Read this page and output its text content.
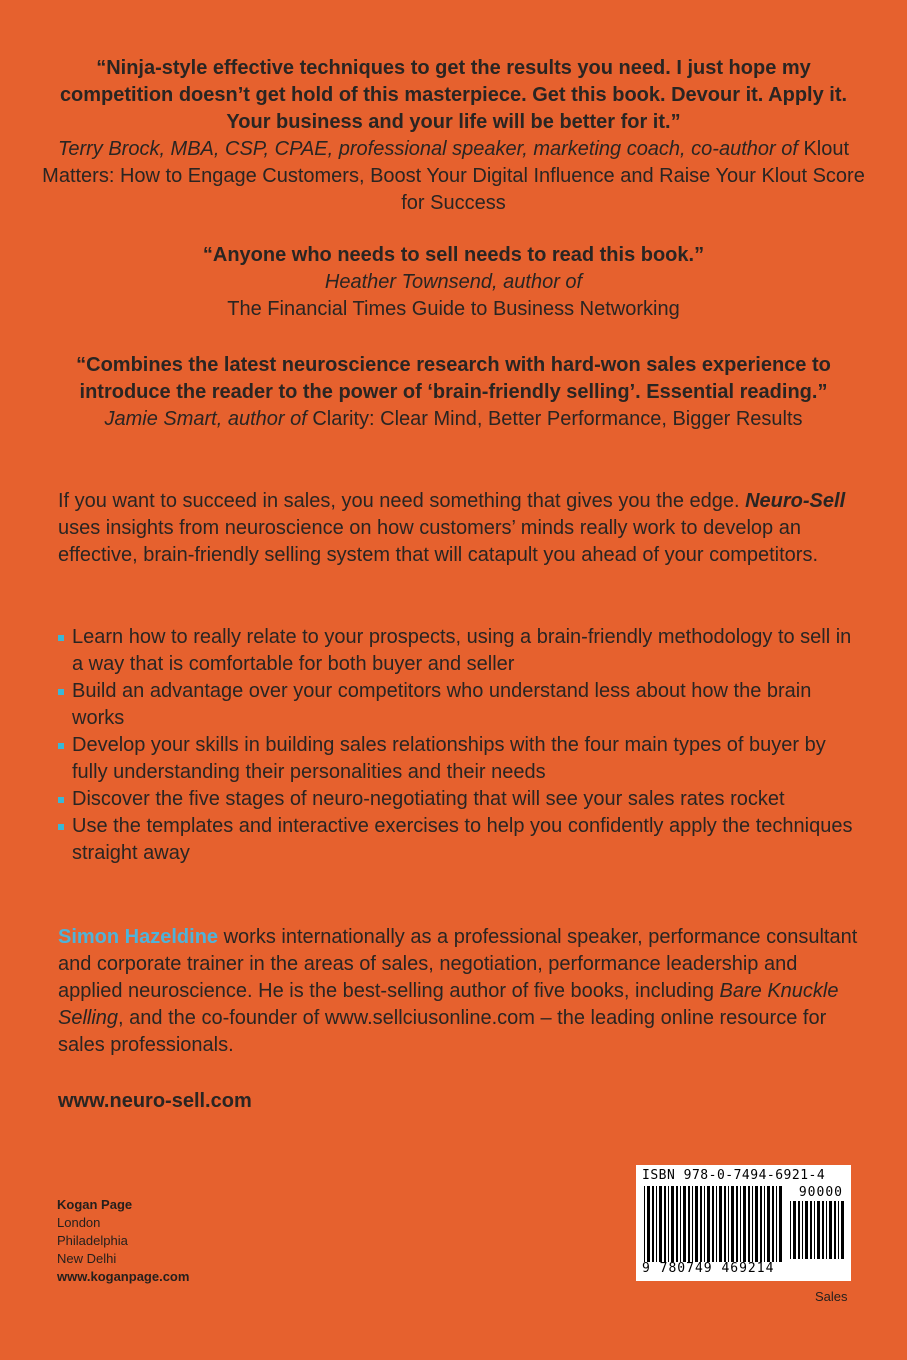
“Ninja-style effective techniques to get the results you need. I just hope my competition doesn’t get hold of this masterpiece. Get this book. Devour it. Apply it. Your business and your life will be better for it.”
Terry Brock, MBA, CSP, CPAE, professional speaker, marketing coach, co-author of Klout Matters: How to Engage Customers, Boost Your Digital Influence and Raise Your Klout Score for Success
“Anyone who needs to sell needs to read this book.”
Heather Townsend, author of
The Financial Times Guide to Business Networking
“Combines the latest neuroscience research with hard-won sales experience to introduce the reader to the power of ‘brain-friendly selling’. Essential reading.”
Jamie Smart, author of Clarity: Clear Mind, Better Performance, Bigger Results
If you want to succeed in sales, you need something that gives you the edge. Neuro-Sell uses insights from neuroscience on how customers’ minds really work to develop an effective, brain-friendly selling system that will catapult you ahead of your competitors.
Learn how to really relate to your prospects, using a brain-friendly methodology to sell in a way that is comfortable for both buyer and seller
Build an advantage over your competitors who understand less about how the brain works
Develop your skills in building sales relationships with the four main types of buyer by fully understanding their personalities and their needs
Discover the five stages of neuro-negotiating that will see your sales rates rocket
Use the templates and interactive exercises to help you confidently apply the techniques straight away
Simon Hazeldine works internationally as a professional speaker, performance consultant and corporate trainer in the areas of sales, negotiation, performance leadership and applied neuroscience. He is the best-selling author of five books, including Bare Knuckle Selling, and the co-founder of www.sellciusonline.com – the leading online resource for sales professionals.
www.neuro-sell.com
Kogan Page
London
Philadelphia
New Delhi
www.koganpage.com
ISBN 978-0-7494-6921-4
90000
9 780749 469214
Sales
